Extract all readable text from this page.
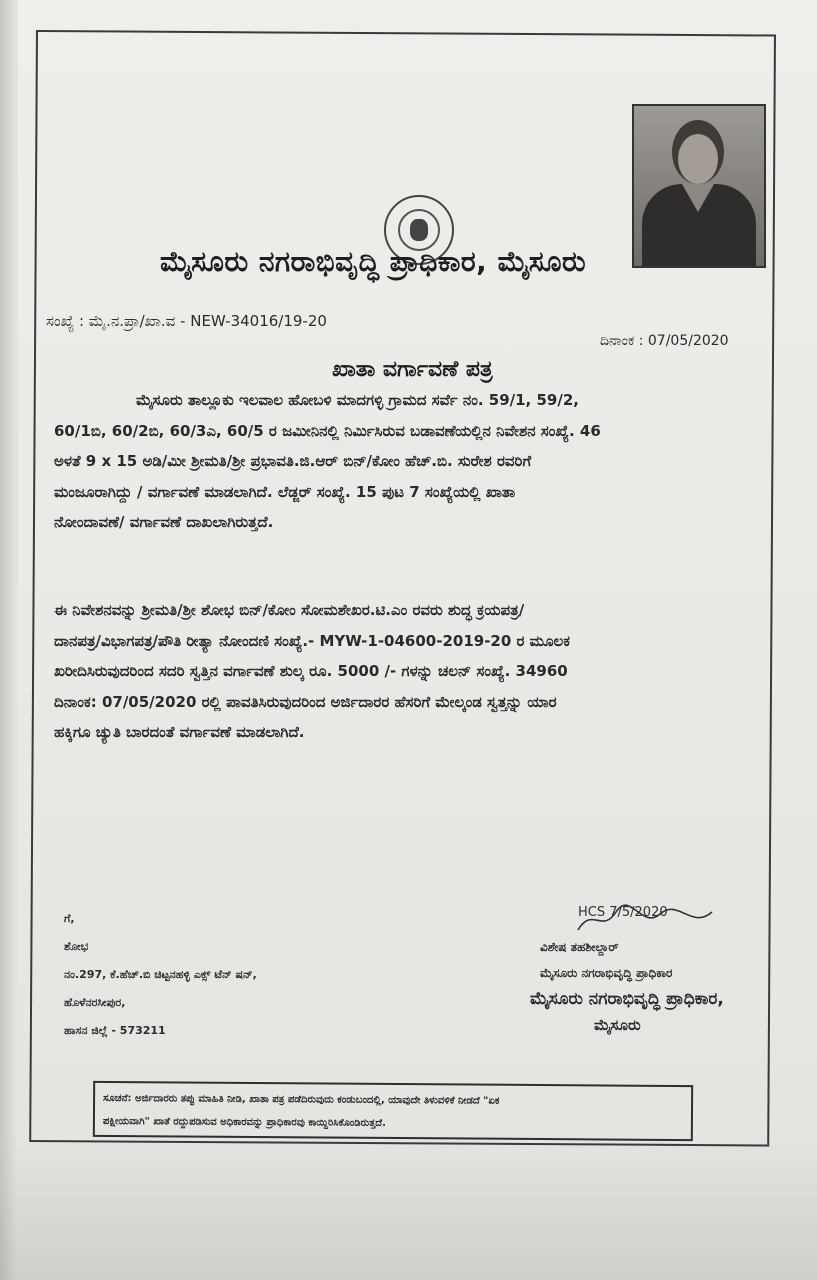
ಮೈಸೂರು ನಗರಾಭಿವೃದ್ಧಿ ಪ್ರಾಧಿಕಾರ, ಮೈಸೂರು
ಸಂಖ್ಯೆ : ಮೈ.ನ.ಪ್ರಾ/ಖಾ.ವ - NEW-34016/19-20
ದಿನಾಂಕ : 07/05/2020
ಖಾತಾ ವರ್ಗಾವಣೆ ಪತ್ರ
ಮೈಸೂರು ತಾಲ್ಲೂಕು ಇಲವಾಲ ಹೋಬಳಿ ಮಾದಗಳ್ಳಿ ಗ್ರಾಮದ ಸರ್ವೆ ನಂ. 59/1, 59/2,
60/1ಬಿ, 60/2ಬಿ, 60/3ಎ, 60/5 ರ ಜಮೀನಿನಲ್ಲಿ ನಿರ್ಮಿಸಿರುವ ಬಡಾವಣೆಯಲ್ಲಿನ ನಿವೇಶನ ಸಂಖ್ಯೆ. 46
ಅಳತೆ 9 x 15 ಅಡಿ/ಮೀ ಶ್ರೀಮತಿ/ಶ್ರೀ ಪ್ರಭಾವತಿ.ಜಿ.ಆರ್ ಬಿನ್/ಕೋಂ ಹೆಚ್.ಬಿ. ಸುರೇಶ ರವರಿಗೆ
ಮಂಜೂರಾಗಿದ್ದು / ವರ್ಗಾವಣೆ ಮಾಡಲಾಗಿದೆ. ಲೆಡ್ಜರ್ ಸಂಖ್ಯೆ. 15 ಪುಟ 7 ಸಂಖ್ಯೆಯಲ್ಲಿ ಖಾತಾ
ನೋಂದಾವಣೆ/ ವರ್ಗಾವಣೆ ದಾಖಲಾಗಿರುತ್ತದೆ.
ಈ ನಿವೇಶನವನ್ನು ಶ್ರೀಮತಿ/ಶ್ರೀ ಶೋಭ ಬಿನ್/ಕೋಂ ಸೋಮಶೇಖರ.ಟಿ.ಎಂ ರವರು ಶುದ್ಧ ಕ್ರಯಪತ್ರ/
ದಾನಪತ್ರ/ವಿಭಾಗಪತ್ರ/ಪೌತಿ ರೀತ್ಯಾ ನೋಂದಣಿ ಸಂಖ್ಯೆ.- MYW-1-04600-2019-20 ರ ಮೂಲಕ
ಖರೀದಿಸಿರುವುದರಿಂದ ಸದರಿ ಸ್ವತ್ತಿನ ವರ್ಗಾವಣೆ ಶುಲ್ಕ ರೂ. 5000 /- ಗಳನ್ನು ಚಲನ್ ಸಂಖ್ಯೆ. 34960
ದಿನಾಂಕ: 07/05/2020 ರಲ್ಲಿ ಪಾವತಿಸಿರುವುದರಿಂದ ಅರ್ಜಿದಾರರ ಹೆಸರಿಗೆ ಮೇಲ್ಕಂಡ ಸ್ವತ್ತನ್ನು ಯಾರ
ಹಕ್ಕಿಗೂ ಚ್ಯುತಿ ಬಾರದಂತೆ ವರ್ಗಾವಣೆ ಮಾಡಲಾಗಿದೆ.
HCS 7/5/2020
ವಿಶೇಷ ತಹಶೀಲ್ದಾರ್
ಮೈಸೂರು ನಗರಾಭಿವೃದ್ಧಿ ಪ್ರಾಧಿಕಾರ
ಮೈಸೂರು ನಗರಾಭಿವೃದ್ಧಿ ಪ್ರಾಧಿಕಾರ,
ಮೈಸೂರು
ಗೆ,
ಶೋಭ
ನಂ.297, ಕೆ.ಹೆಚ್.ಬಿ ಚಿಟ್ಟನಹಳ್ಳಿ ಎಕ್ಸ್ ಟೆನ್ ಷನ್,
ಹೊಳೆನರಸೀಪುರ,
ಹಾಸನ ಜಿಲ್ಲೆ - 573211
ಸೂಚನೆ: ಅರ್ಜಿದಾರರು ತಪ್ಪು ಮಾಹಿತಿ ನೀಡಿ, ಖಾತಾ ಪತ್ರ ಪಡೆದಿರುವುದು ಕಂಡುಬಂದಲ್ಲಿ, ಯಾವುದೇ ತಿಳುವಳಿಕೆ ನೀಡದೆ "ಏಕ
ಪಕ್ಷೀಯವಾಗಿ" ಖಾತೆ ರದ್ದುಪಡಿಸುವ ಅಧಿಕಾರವನ್ನು ಪ್ರಾಧಿಕಾರವು ಕಾಯ್ದಿರಿಸಿಕೊಂಡಿರುತ್ತದೆ.
